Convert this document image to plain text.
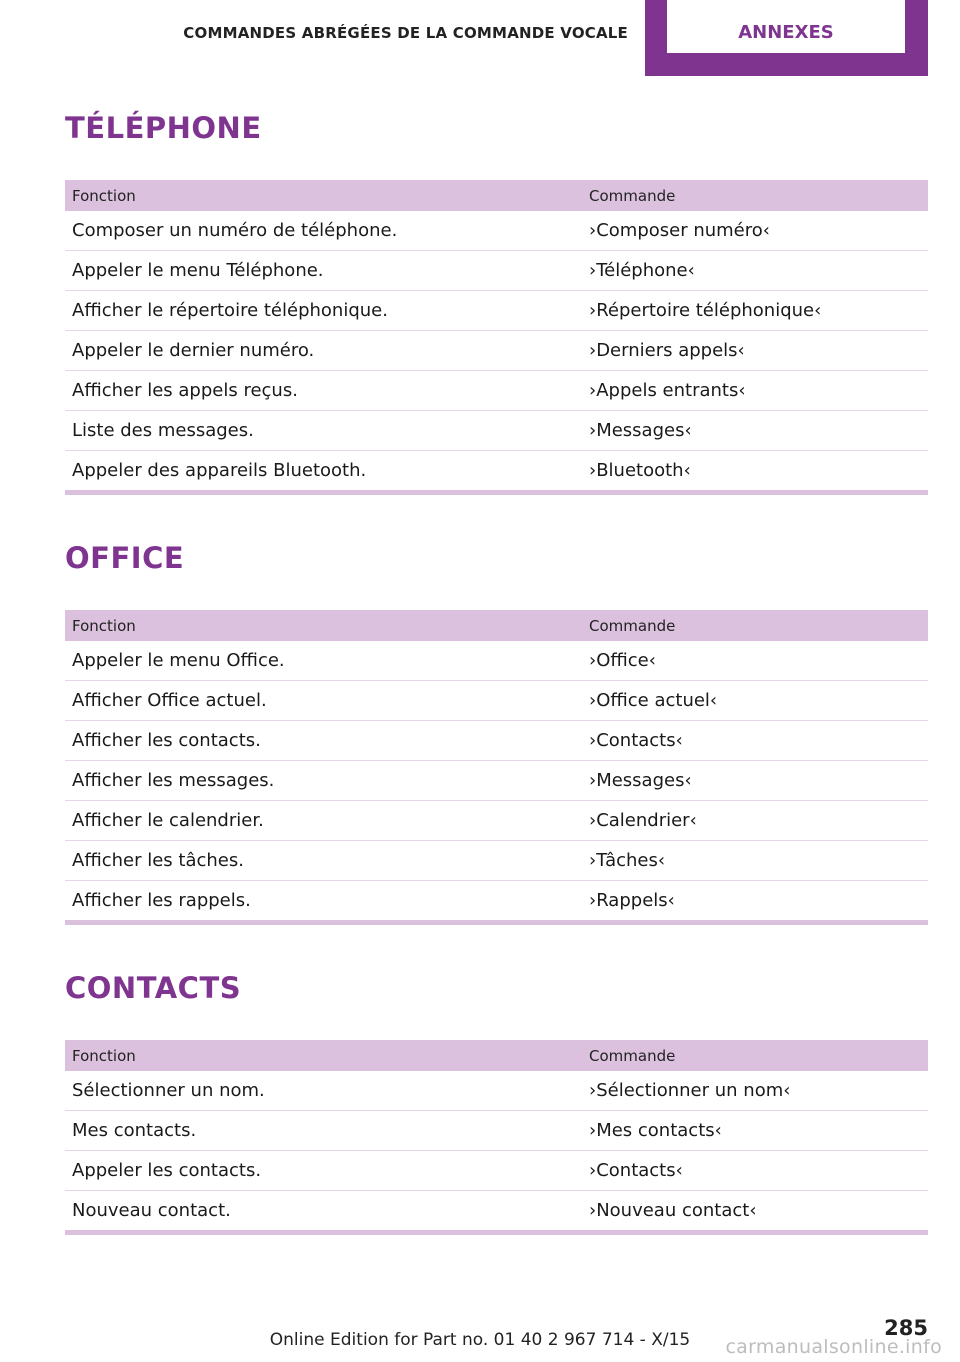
COMMANDES ABRÉGÉES DE LA COMMANDE VOCALE	ANNEXES
TÉLÉPHONE
Fonction	Commande
Composer un numéro de téléphone.	›Composer numéro‹
Appeler le menu Téléphone.	›Téléphone‹
Afficher le répertoire téléphonique.	›Répertoire téléphonique‹
Appeler le dernier numéro.	›Derniers appels‹
Afficher les appels reçus.	›Appels entrants‹
Liste des messages.	›Messages‹
Appeler des appareils Bluetooth.	›Bluetooth‹
OFFICE
Fonction	Commande
Appeler le menu Office.	›Office‹
Afficher Office actuel.	›Office actuel‹
Afficher les contacts.	›Contacts‹
Afficher les messages.	›Messages‹
Afficher le calendrier.	›Calendrier‹
Afficher les tâches.	›Tâches‹
Afficher les rappels.	›Rappels‹
CONTACTS
Fonction	Commande
Sélectionner un nom.	›Sélectionner un nom‹
Mes contacts.	›Mes contacts‹
Appeler les contacts.	›Contacts‹
Nouveau contact.	›Nouveau contact‹
285
Online Edition for Part no. 01 40 2 967 714 - X/15	carmanualsonline.info
